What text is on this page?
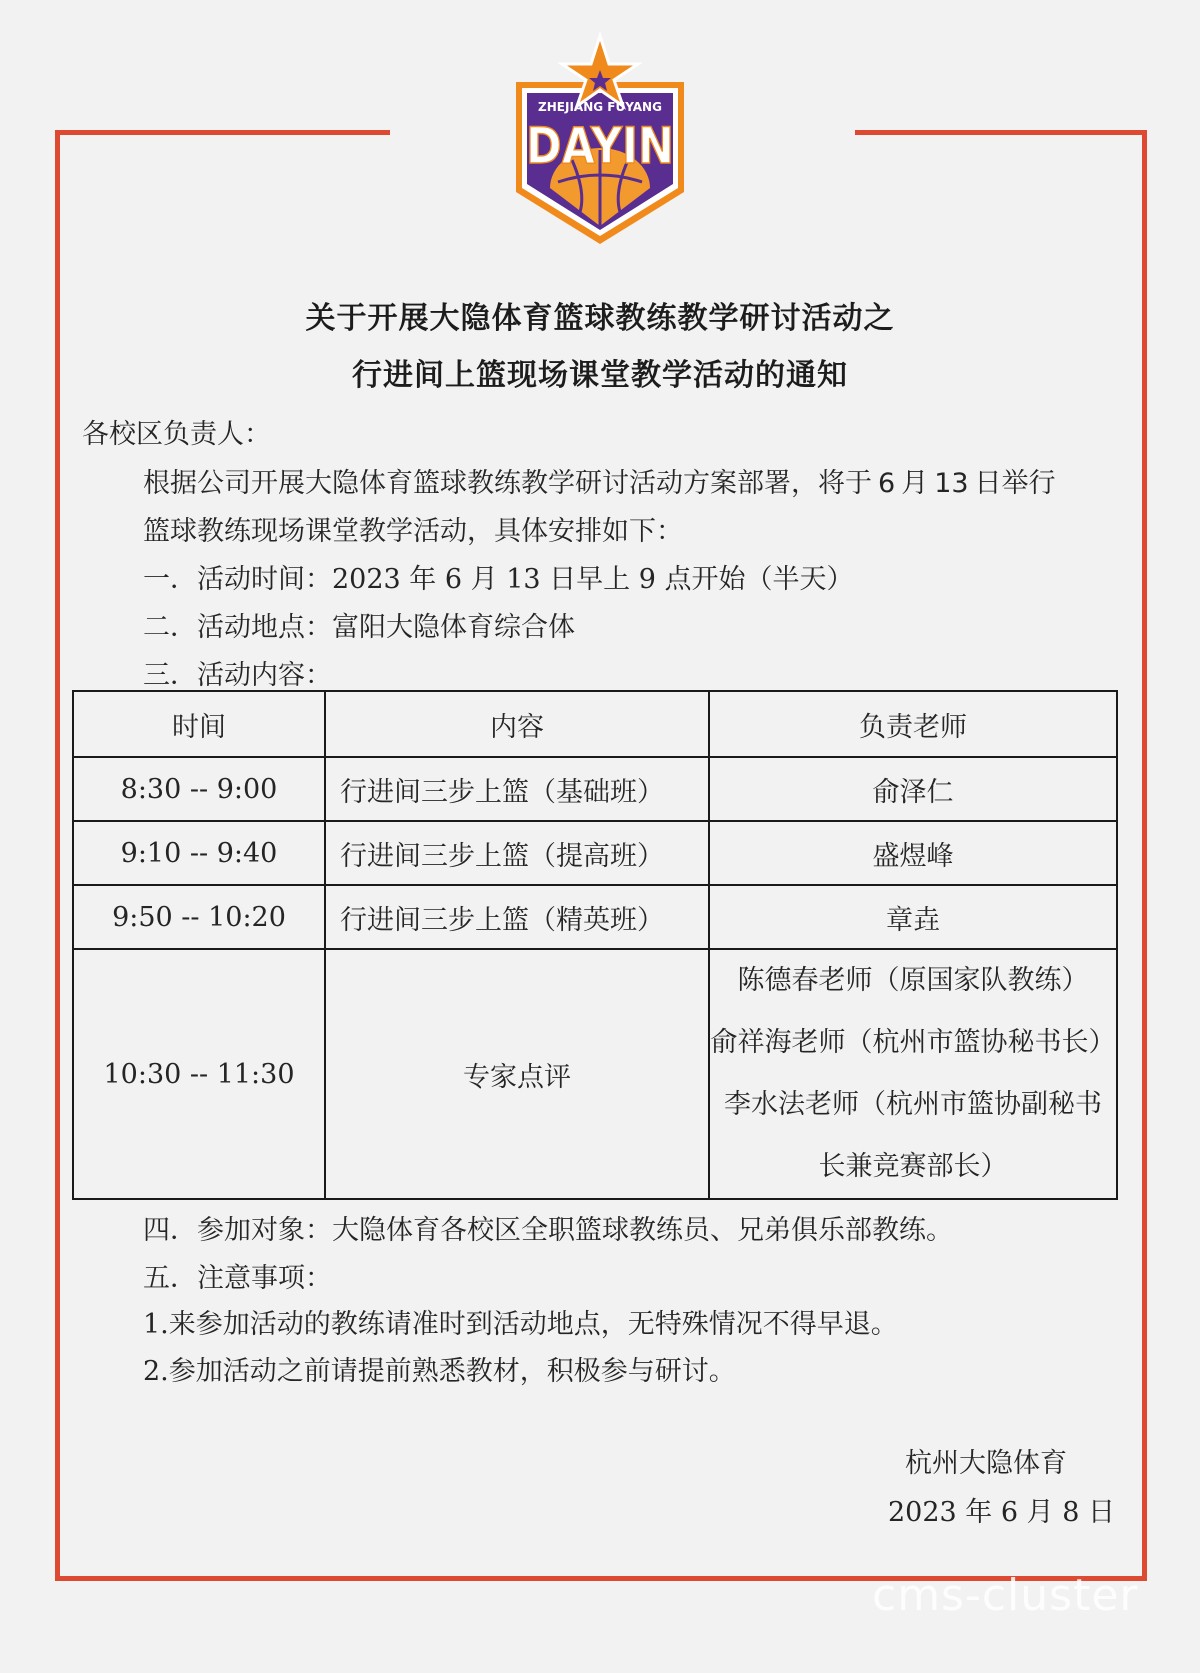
ZHEJIANG FUYANG
DAYIN
关于开展大隐体育篮球教练教学研讨活动之
行进间上篮现场课堂教学活动的通知
各校区负责人：
根据公司开展大隐体育篮球教练教学研讨活动方案部署，将于 6 月 13 日举行
篮球教练现场课堂教学活动，具体安排如下：
一．活动时间：2023 年 6 月 13 日早上 9 点开始（半天）
二．活动地点：富阳大隐体育综合体
三．活动内容：
时间	内容	负责老师
8:30 -- 9:00	行进间三步上篮（基础班）	俞泽仁
9:10 -- 9:40	行进间三步上篮（提高班）	盛煜峰
9:50 -- 10:20	行进间三步上篮（精英班）	章垚
10:30 -- 11:30	专家点评	陈德春老师（原国家队教练）
俞祥海老师（杭州市篮协秘书长）
李水法老师（杭州市篮协副秘书
长兼竞赛部长）
四．参加对象：大隐体育各校区全职篮球教练员、兄弟俱乐部教练。
五．注意事项：
1.来参加活动的教练请准时到活动地点，无特殊情况不得早退。
2.参加活动之前请提前熟悉教材，积极参与研讨。
杭州大隐体育
2023 年 6 月 8 日
cms-cluster
